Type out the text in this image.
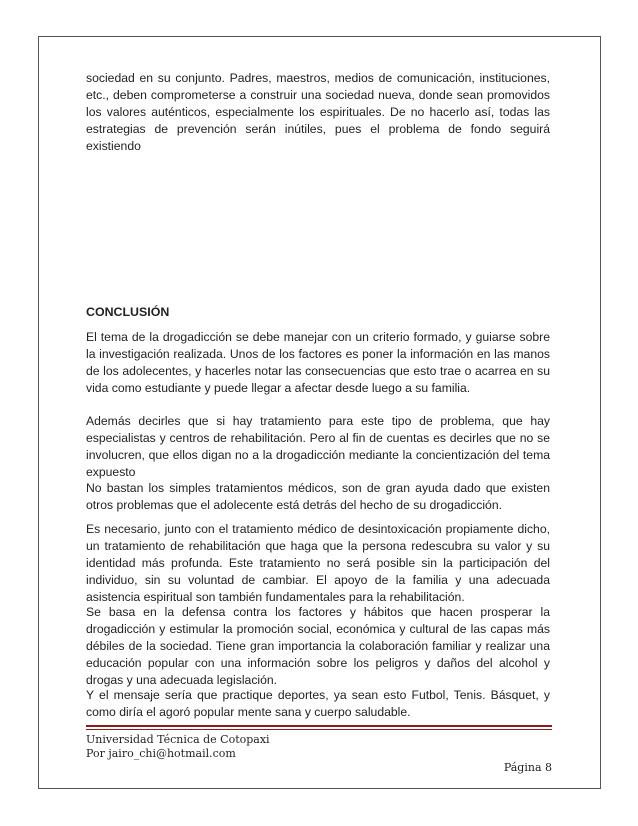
sociedad en su conjunto. Padres, maestros, medios de comunicación, instituciones, etc., deben comprometerse a construir una sociedad nueva, donde sean promovidos los valores auténticos, especialmente los espirituales. De no hacerlo así, todas las estrategias de prevención serán inútiles, pues el problema de fondo seguirá existiendo

CONCLUSIÓN

El tema de la drogadicción se debe manejar con un criterio formado, y guiarse sobre la investigación realizada. Unos de los factores es poner la información en las manos de los adolecentes, y hacerles notar las consecuencias que esto trae o acarrea en su vida como estudiante y puede llegar a afectar desde luego a su familia.

Además decirles que si hay tratamiento para este tipo de problema, que hay especialistas y centros de rehabilitación. Pero al fin de cuentas es decirles que no se involucren, que ellos digan no a la drogadicción mediante la concientización del tema expuesto

No bastan los simples tratamientos médicos, son de gran ayuda dado que existen otros problemas que el adolecente está detrás del hecho de su drogadicción.

Es necesario, junto con el tratamiento médico de desintoxicación propiamente dicho, un tratamiento de rehabilitación que haga que la persona redescubra su valor y su identidad más profunda. Este tratamiento no será posible sin la participación del individuo, sin su voluntad de cambiar. El apoyo de la familia y una adecuada asistencia espiritual son también fundamentales para la rehabilitación.

Se basa en la defensa contra los factores y hábitos que hacen prosperar la drogadicción y estimular la promoción social, económica y cultural de las capas más débiles de la sociedad. Tiene gran importancia la colaboración familiar y realizar una educación popular con una información sobre los peligros y daños del alcohol y drogas y una adecuada legislación.

Y el mensaje sería que practique deportes, ya sean esto Futbol, Tenis. Básquet, y como diría el agoró popular mente sana y cuerpo saludable.

Universidad Técnica de Cotopaxi

Por jairo_chi@hotmail.com

Página 8
